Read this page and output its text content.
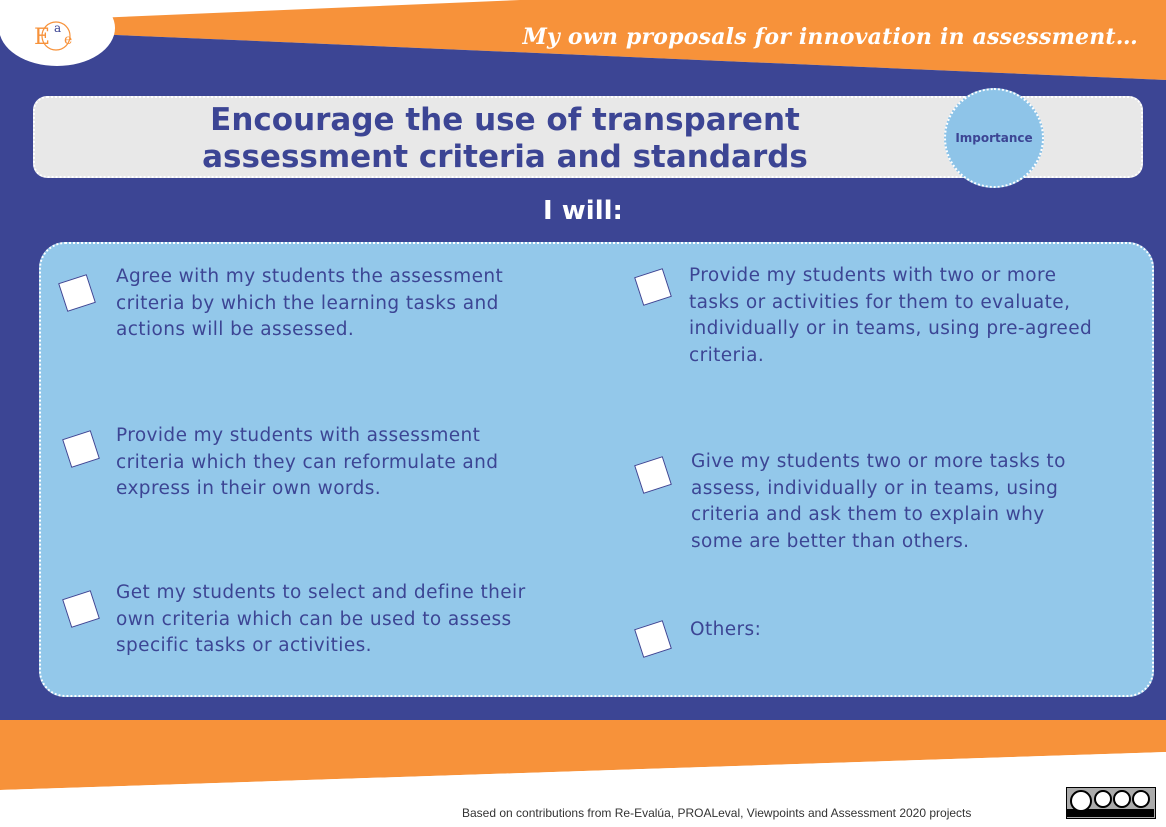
E a
e	My own proposals for innovation in assessment…
Encourage the use of transparent assessment criteria and standards
Importance
I will:
Agree with my students the assessment criteria by which the learning tasks and actions will be assessed.
Provide my students with two or more tasks or activities for them to evaluate, individually or in teams, using pre-agreed criteria.
Provide my students with assessment criteria which they can reformulate and express in their own words.
Give my students two or more tasks to assess, individually or in teams, using criteria and ask them to explain why some are better than others.
Get my students to select and define their own criteria which can be used to assess specific tasks or activities.
Others:
Based on contributions from Re-Evalúa, PROALeval, Viewpoints and Assessment 2020 projects
